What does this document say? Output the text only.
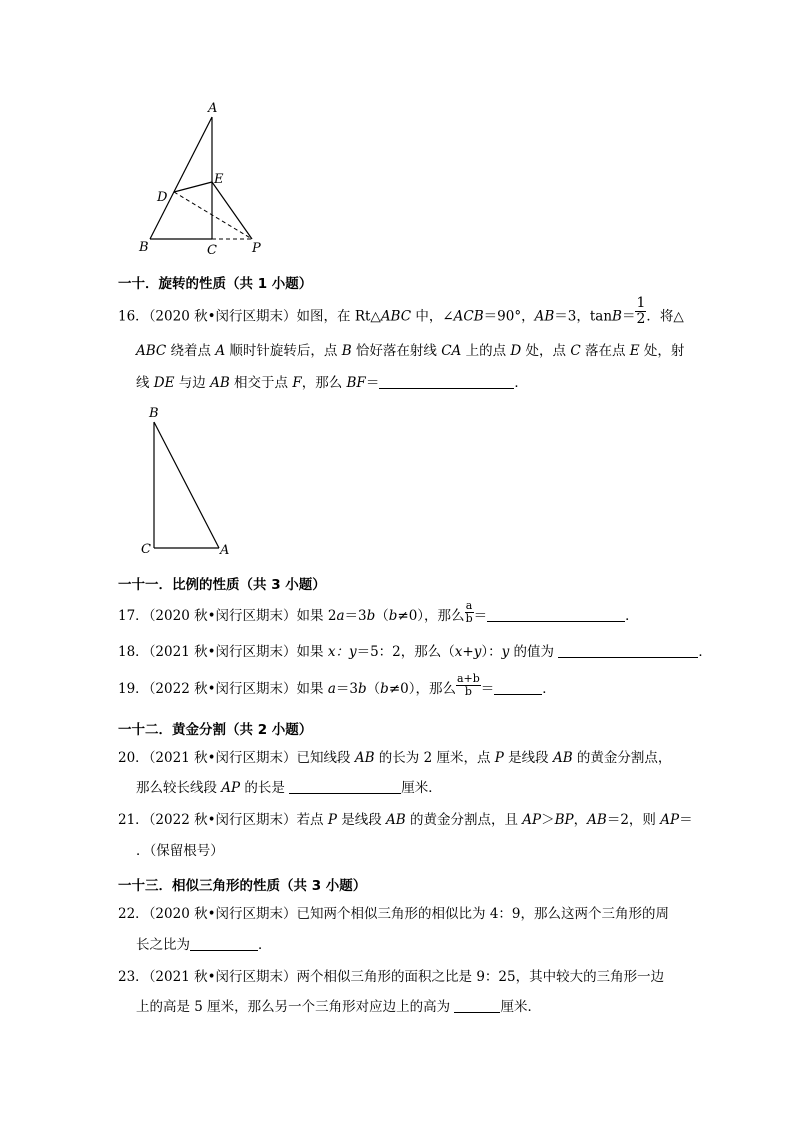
A
E
D
B	C	P
一十．旋转的性质（共 1 小题）
16．（2020 秋•闵行区期末）如图，在 Rt△ABC 中，∠ACB＝90°，AB＝3，$\tan B= \frac{1}{2}$ ．将△
ABC 绕着点 A 顺时针旋转后，点 B 恰好落在射线 CA 上的点 D 处，点 C 落在点 E 处，射
线 DE 与边 AB 相交于点 F，那么 BF＝	．
B
C	A
一十一．比例的性质（共 3 小题）
17．（2020 秋•闵行区期末）如果 2a＝3b（b≠0），那么 $\frac{a}{b}$ ＝	．
18．（2021 秋•闵行区期末）如果 x：y＝5：2，那么（x+y）：y 的值为	．
19．（2022 秋•闵行区期末）如果 a＝3b（b≠0），那么 $\frac{a+b}{b}$ ＝	．
一十二．黄金分割（共 2 小题）
20．（2021 秋•闵行区期末）已知线段 AB 的长为 2 厘米，点 P 是线段 AB 的黄金分割点，
那么较长线段 AP 的长是	厘米．
21．（2022 秋•闵行区期末）若点 P 是线段 AB 的黄金分割点，且 AP＞BP，AB＝2，则 AP＝
．（保留根号）
一十三．相似三角形的性质（共 3 小题）
22．（2020 秋•闵行区期末）已知两个相似三角形的相似比为 4：9，那么这两个三角形的周
长之比为	．
23．（2021 秋•闵行区期末）两个相似三角形的面积之比是 9：25，其中较大的三角形一边
上的高是 5 厘米，那么另一个三角形对应边上的高为	厘米．
